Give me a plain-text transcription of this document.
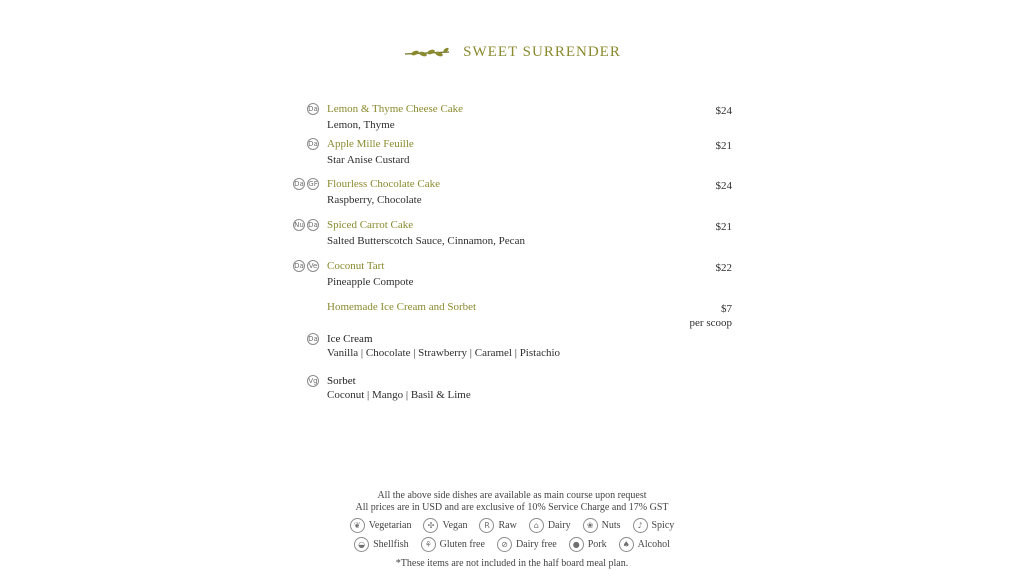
SWEET SURRENDER
Da Lemon & Thyme Cheese Cake
Lemon, Thyme
$24
Da Apple Mille Feuille
Star Anise Custard
$21
Da GF Flourless Chocolate Cake
Raspberry, Chocolate
$24
Nu Da Spiced Carrot Cake
Salted Butterscotch Sauce, Cinnamon, Pecan
$21
Da Ve Coconut Tart
Pineapple Compote
$22
Homemade Ice Cream and Sorbet	$7
per scoop
Da Ice Cream
Vanilla | Chocolate | Strawberry | Caramel | Pistachio
Vg Sorbet
Coconut | Mango | Basil & Lime
All the above side dishes are available as main course upon request
All prices are in USD and are exclusive of 10% Service Charge and 17% GST
❦ Vegetarian	✣ Vegan	R Raw	⌂ Dairy	❀ Nuts	♪ Spicy
◒ Shellfish	⚘ Gluten free	⊘ Dairy free	● Pork	♠ Alcohol
*These items are not included in the half board meal plan.
